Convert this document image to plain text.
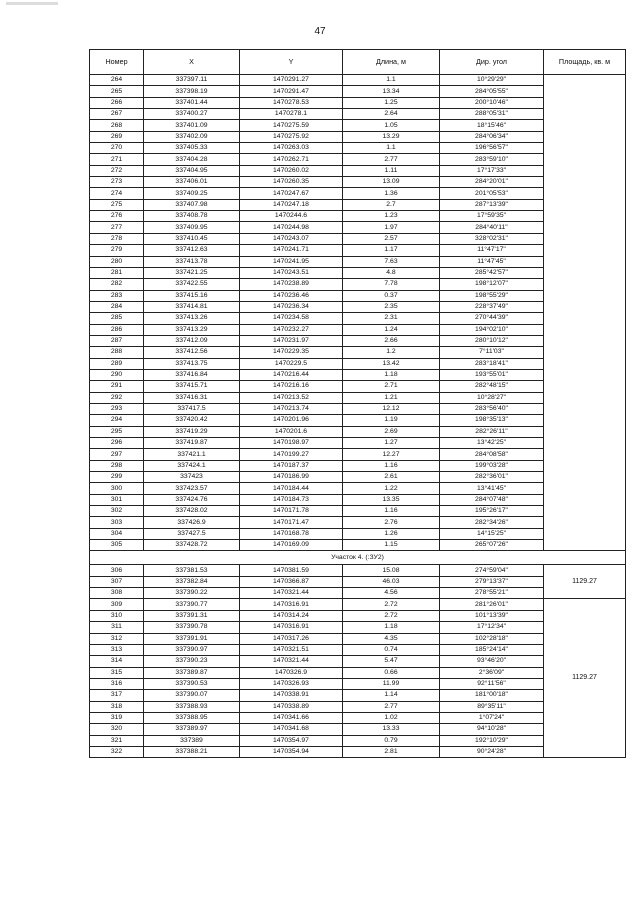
47
Номер	X	Y	Длина, м	Дир. угол	Площадь, кв. м
264	337397.11	1470291.27	1.1	10°29'29"	
265	337398.19	1470291.47	13.34	284°05'55"	
266	337401.44	1470278.53	1.25	200°10'46"	
267	337400.27	1470278.1	2.64	288°05'31"	
268	337401.09	1470275.59	1.05	18°15'46"	
269	337402.09	1470275.92	13.29	284°06'34"	
270	337405.33	1470263.03	1.1	196°56'57"	
271	337404.28	1470262.71	2.77	283°59'10"	
272	337404.95	1470260.02	1.11	17°17'33"	
273	337406.01	1470260.35	13.09	284°20'01"	
274	337409.25	1470247.67	1.36	201°05'53"	
275	337407.98	1470247.18	2.7	287°13'39"	
276	337408.78	1470244.6	1.23	17°59'35"	
277	337409.95	1470244.98	1.97	284°40'11"	
278	337410.45	1470243.07	2.57	328°02'31"	
279	337412.63	1470241.71	1.17	11°47'17"	
280	337413.78	1470241.95	7.63	11°47'45"	
281	337421.25	1470243.51	4.8	285°42'57"	
282	337422.55	1470238.89	7.78	198°12'07"	
283	337415.16	1470236.46	0.37	198°55'29"	
284	337414.81	1470236.34	2.35	228°37'49"	
285	337413.26	1470234.58	2.31	270°44'39"	
286	337413.29	1470232.27	1.24	194°02'10"	
287	337412.09	1470231.97	2.66	280°10'12"	
288	337412.56	1470229.35	1.2	7°11'03"	
289	337413.75	1470229.5	13.42	283°18'41"	
290	337416.84	1470216.44	1.18	193°55'01"	
291	337415.71	1470216.16	2.71	282°48'15"	
292	337416.31	1470213.52	1.21	10°28'27"	
293	337417.5	1470213.74	12.12	283°56'40"	
294	337420.42	1470201.96	1.19	198°35'13"	
295	337419.29	1470201.6	2.69	282°26'11"	
296	337419.87	1470198.97	1.27	13°42'25"	
297	337421.1	1470199.27	12.27	284°08'58"	
298	337424.1	1470187.37	1.16	199°03'28"	
299	337423	1470186.99	2.61	282°36'01"	
300	337423.57	1470184.44	1.22	13°41'45"	
301	337424.76	1470184.73	13.35	284°07'48"	
302	337428.02	1470171.78	1.16	195°26'17"	
303	337426.9	1470171.47	2.76	282°34'26"	
304	337427.5	1470168.78	1.26	14°15'25"	
305	337428.72	1470169.09	1.15	265°07'26"	
Участок 4. (:ЗУ2)					
306	337381.53	1470381.59	15.08	274°59'04"	1129.27
307	337382.84	1470366.87	46.03	279°13'37"	
308	337390.22	1470321.44	4.56	278°55'21"	
309	337390.77	1470316.91	2.72	281°26'01"	1129.27
310	337391.31	1470314.24	2.72	101°13'39"	
311	337390.78	1470316.91	1.18	17°12'34"	
312	337391.91	1470317.26	4.35	102°28'18"	
313	337390.97	1470321.51	0.74	185°24'14"	
314	337390.23	1470321.44	5.47	93°46'20"	
315	337389.87	1470326.9	0.66	2°36'09"	
316	337390.53	1470326.93	11.99	92°11'56"	
317	337390.07	1470338.91	1.14	181°00'18"	
318	337388.93	1470338.89	2.77	89°35'11"	
319	337388.95	1470341.66	1.02	1°07'24"	
320	337389.97	1470341.68	13.33	94°10'28"	
321	337389	1470354.97	0.79	192°10'29"	
322	337388.21	1470354.94	2.81	90°24'28"	
